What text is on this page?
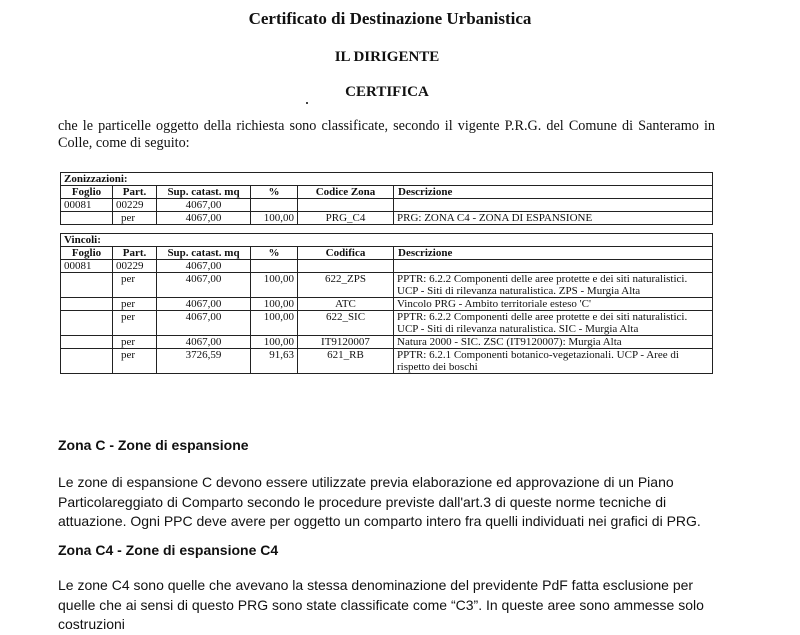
Certificato di Destinazione Urbanistica
IL DIRIGENTE
CERTIFICA
che le particelle oggetto della richiesta sono classificate, secondo il vigente P.R.G. del Comune di Santeramo in Colle, come di seguito:
Zonizzazioni:					
Foglio	Part.	Sup. catast. mq	%	Codice Zona	Descrizione
00081	00229	4067,00			
	per	4067,00	100,00	PRG_C4	PRG: ZONA C4 - ZONA DI ESPANSIONE
Vincoli:					
Foglio	Part.	Sup. catast. mq	%	Codifica	Descrizione
00081	00229	4067,00			
	per	4067,00	100,00	622_ZPS	PPTR: 6.2.2 Componenti delle aree protette e dei siti naturalistici. UCP - Siti di rilevanza naturalistica. ZPS - Murgia Alta
	per	4067,00	100,00	ATC	Vincolo PRG - Ambito territoriale esteso 'C'
	per	4067,00	100,00	622_SIC	PPTR: 6.2.2 Componenti delle aree protette e dei siti naturalistici. UCP - Siti di rilevanza naturalistica. SIC - Murgia Alta
	per	4067,00	100,00	IT9120007	Natura 2000 - SIC. ZSC (IT9120007): Murgia Alta
	per	3726,59	91,63	621_RB	PPTR: 6.2.1 Componenti botanico-vegetazionali. UCP - Aree di rispetto dei boschi
Zona C - Zone di espansione

Le zone di espansione C devono essere utilizzate previa elaborazione ed approvazione di un Piano Particolareggiato di Comparto secondo le procedure previste dall'art.3 di queste norme tecniche di attuazione. Ogni PPC deve avere per oggetto un comparto intero fra quelli individuati nei grafici di PRG.

Zona C4 - Zone di espansione C4

Le zone C4 sono quelle che avevano la stessa denominazione del previdente PdF fatta esclusione per quelle che ai sensi di questo PRG sono state classificate come “C3”. In queste aree sono ammesse solo costruzioni
